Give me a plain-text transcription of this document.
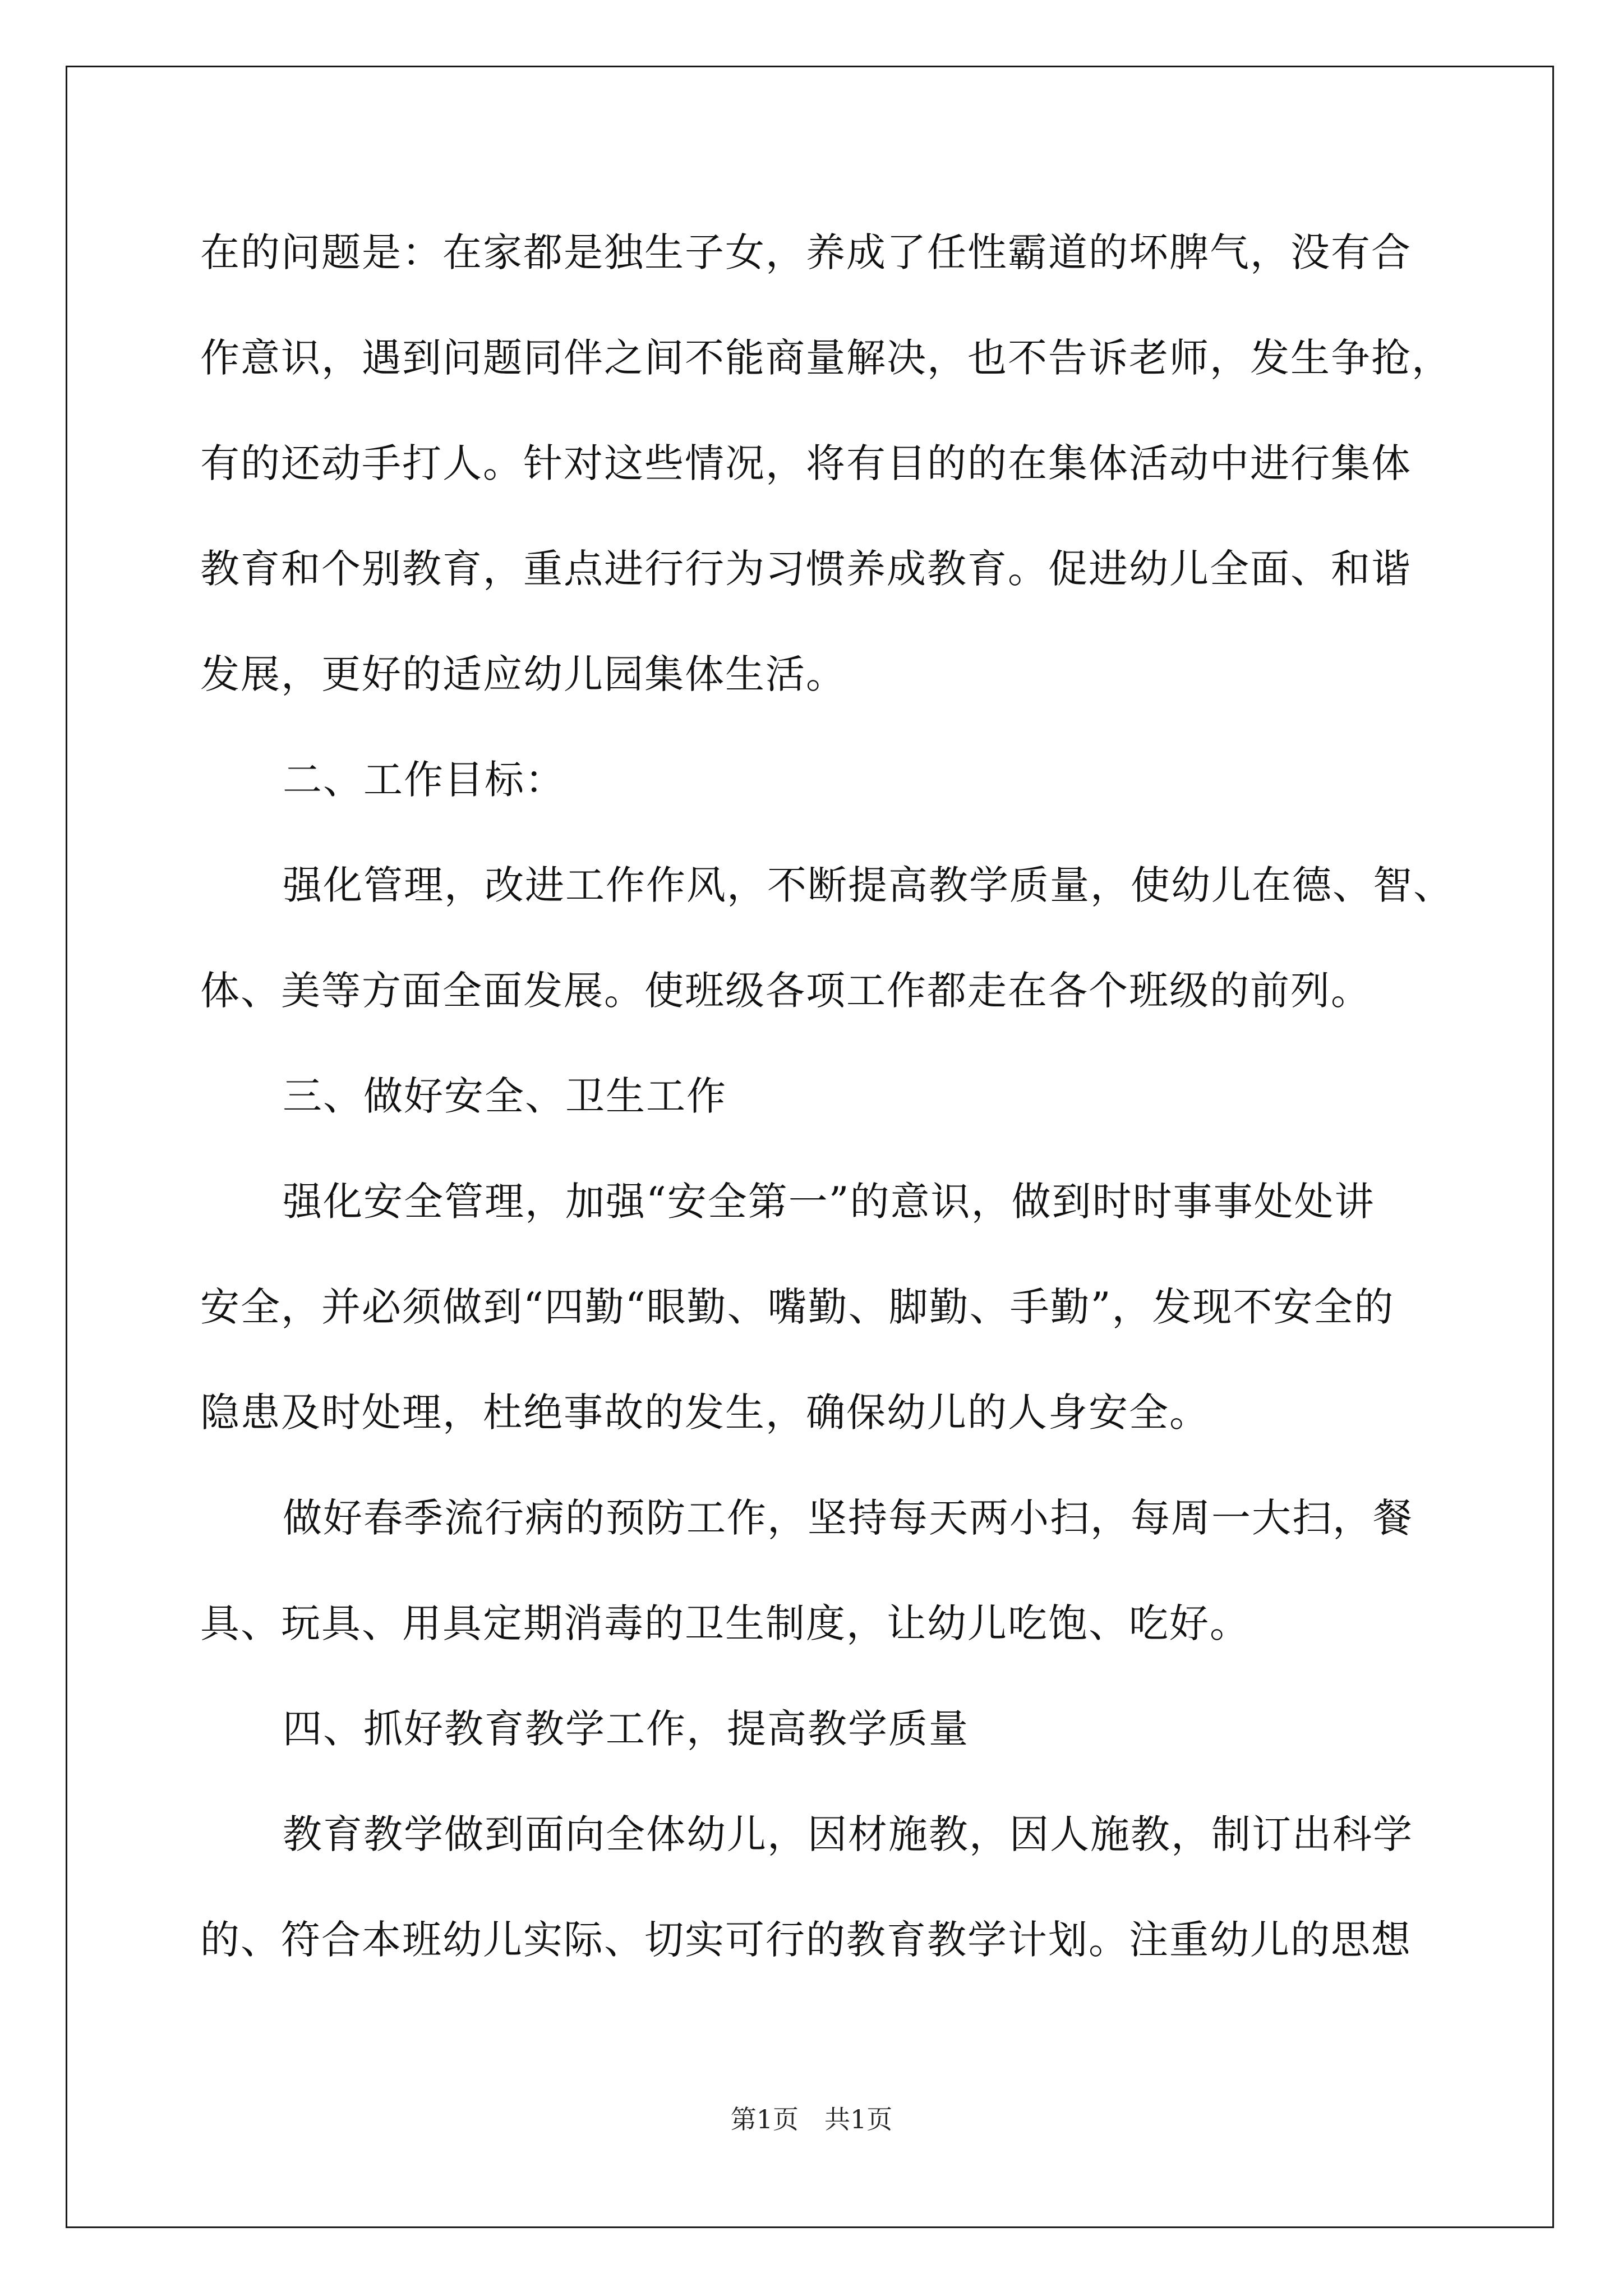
在的问题是：在家都是独生子女，养成了任性霸道的坏脾气，没有合
作意识，遇到问题同伴之间不能商量解决，也不告诉老师，发生争抢，
有的还动手打人。针对这些情况，将有目的的在集体活动中进行集体
教育和个别教育，重点进行行为习惯养成教育。促进幼儿全面、和谐
发展，更好的适应幼儿园集体生活。
二、工作目标：
强化管理，改进工作作风，不断提高教学质量，使幼儿在德、智、
体、美等方面全面发展。使班级各项工作都走在各个班级的前列。
三、做好安全、卫生工作
强化安全管理，加强“安全第一”的意识，做到时时事事处处讲
安全，并必须做到“四勤“眼勤、嘴勤、脚勤、手勤”，发现不安全的
隐患及时处理，杜绝事故的发生，确保幼儿的人身安全。
做好春季流行病的预防工作，坚持每天两小扫，每周一大扫，餐
具、玩具、用具定期消毒的卫生制度，让幼儿吃饱、吃好。
四、抓好教育教学工作，提高教学质量
教育教学做到面向全体幼儿，因材施教，因人施教，制订出科学
的、符合本班幼儿实际、切实可行的教育教学计划。注重幼儿的思想
第1页　共1页
